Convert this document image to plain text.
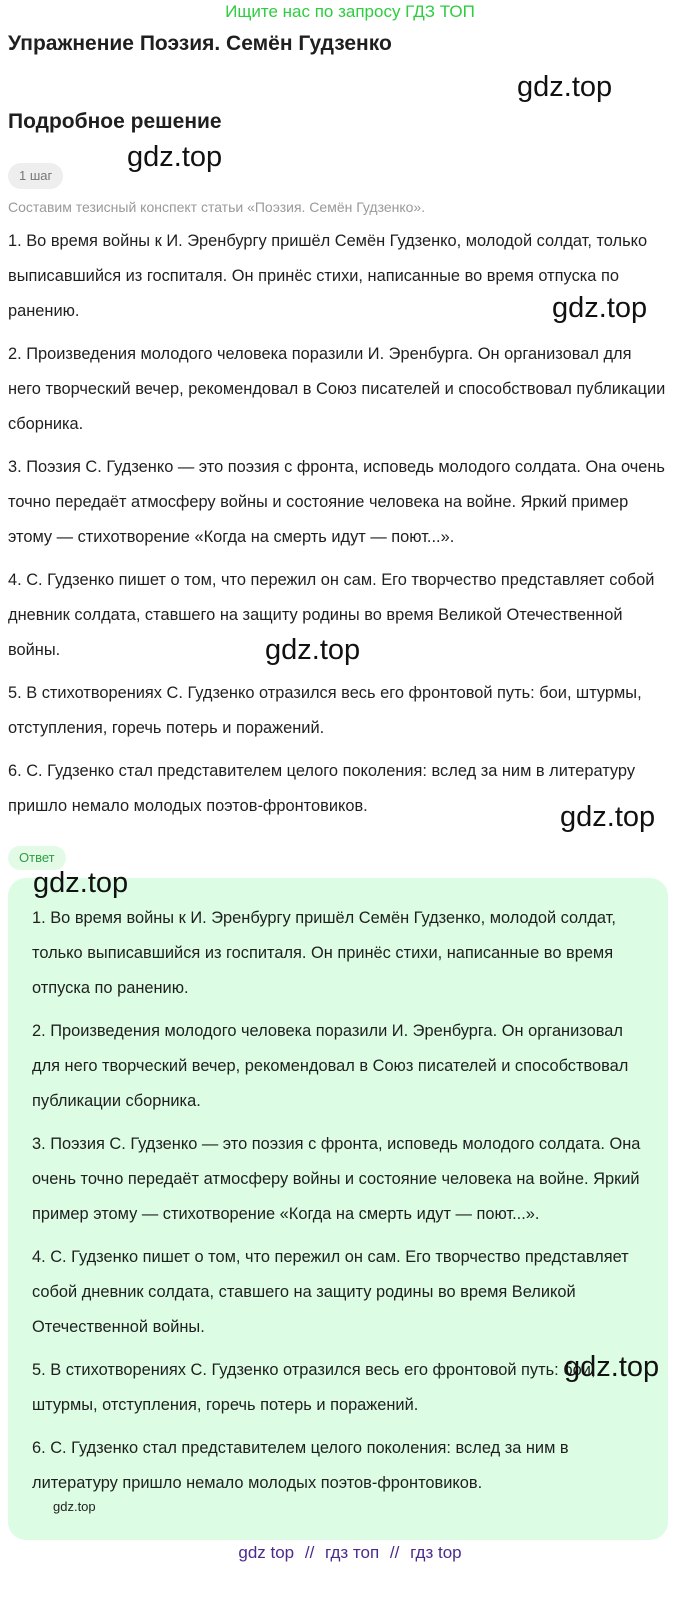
Ищите нас по запросу ГДЗ ТОП
Упражнение Поэзия. Семён Гудзенко
Подробное решение
1 шаг

Составим тезисный конспект статьи «Поэзия. Семён Гудзенко».

1. Во время войны к И. Эренбургу пришёл Семён Гудзенко, молодой солдат, только выписавшийся из госпиталя. Он принёс стихи, написанные во время отпуска по ранению.

2. Произведения молодого человека поразили И. Эренбурга. Он организовал для него творческий вечер, рекомендовал в Союз писателей и способствовал публикации сборника.

3. Поэзия С. Гудзенко — это поэзия с фронта, исповедь молодого солдата. Она очень точно передаёт атмосферу войны и состояние человека на войне. Яркий пример этому — стихотворение «Когда на смерть идут — поют...».

4. С. Гудзенко пишет о том, что пережил он сам. Его творчество представляет собой дневник солдата, ставшего на защиту родины во время Великой Отечественной войны.

5. В стихотворениях С. Гудзенко отразился весь его фронтовой путь: бои, штурмы, отступления, горечь потерь и поражений.

6. С. Гудзенко стал представителем целого поколения: вслед за ним в литературу пришло немало молодых поэтов-фронтовиков.

Ответ

1. Во время войны к И. Эренбургу пришёл Семён Гудзенко, молодой солдат, только выписавшийся из госпиталя. Он принёс стихи, написанные во время отпуска по ранению.

2. Произведения молодого человека поразили И. Эренбурга. Он организовал для него творческий вечер, рекомендовал в Союз писателей и способствовал публикации сборника.

3. Поэзия С. Гудзенко — это поэзия с фронта, исповедь молодого солдата. Она очень точно передаёт атмосферу войны и состояние человека на войне. Яркий пример этому — стихотворение «Когда на смерть идут — поют...».

4. С. Гудзенко пишет о том, что пережил он сам. Его творчество представляет собой дневник солдата, ставшего на защиту родины во время Великой Отечественной войны.

5. В стихотворениях С. Гудзенко отразился весь его фронтовой путь: бои, штурмы, отступления, горечь потерь и поражений.

6. С. Гудзенко стал представителем целого поколения: вслед за ним в литературу пришло немало молодых поэтов-фронтовиков.

gdz.top
gdz.top
gdz.top
gdz.top
gdz.top
gdz.top
gdz.top
gdz.top
gdz top // гдз топ // гдз top
